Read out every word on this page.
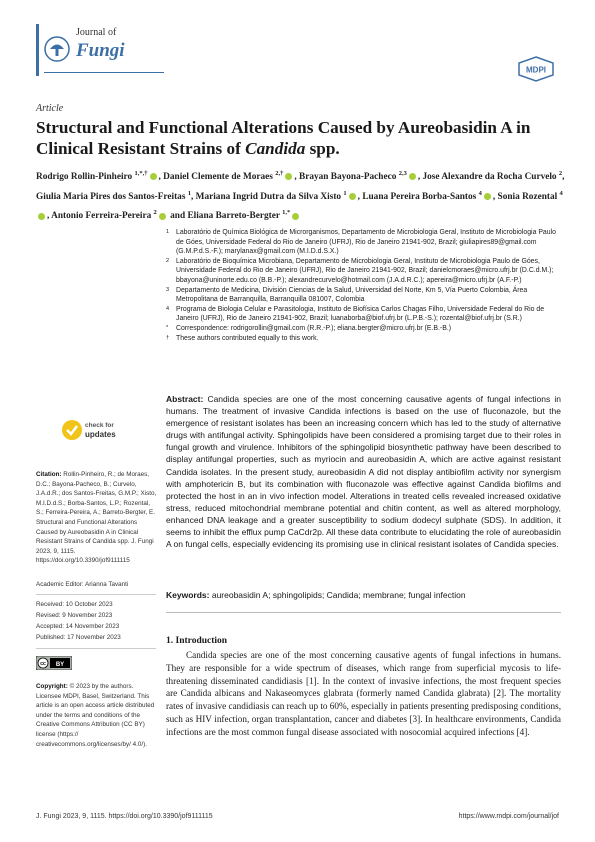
Journal of
Fungi
MDPI
Article
Structural and Functional Alterations Caused by Aureobasidin A in Clinical Resistant Strains of Candida spp.
Rodrigo Rollin-Pinheiro $^{1,*,\dagger}$ , Daniel Clemente de Moraes $^{2,\dagger}$ , Brayan Bayona-Pacheco $^{2,3}$ , Jose Alexandre da Rocha Curvelo $^2$, Giulia Maria Pires dos Santos-Freitas $^1$, Mariana Ingrid Dutra da Silva Xisto $^1$ , Luana Pereira Borba-Santos $^4$ , Sonia Rozental $^4$, Antonio Ferreira-Pereira $^2$ and Eliana Barreto-Bergter $^{1,*}$
1 Laboratório de Química Biológica de Microrganismos, Departamento de Microbiologia Geral, Instituto de Microbiologia Paulo de Góes, Universidade Federal do Rio de Janeiro (UFRJ), Rio de Janeiro 21941-902, Brazil; giuliapires89@gmail.com (G.M.P.d.S.-F.); marylanax@gmail.com (M.I.D.d.S.X.)
2 Laboratório de Bioquímica Microbiana, Departamento de Microbiologia Geral, Instituto de Microbiologia Paulo de Góes, Universidade Federal do Rio de Janeiro (UFRJ), Rio de Janeiro 21941-902, Brazil; danielcmoraes@micro.ufrj.br (D.C.d.M.); bbayona@uninorte.edu.co (B.B.-P.); alexandrecurvelo@hotmail.com (J.A.d.R.C.); apereira@micro.ufrj.br (A.F.-P.)
3 Departamento de Medicina, División Ciencias de la Salud, Universidad del Norte, Km 5, Vía Puerto Colombia, Área Metropolitana de Barranquilla, Barranquilla 081007, Colombia
4 Programa de Biologia Celular e Parasitologia, Instituto de Biofísica Carlos Chagas Filho, Universidade Federal do Rio de Janeiro (UFRJ), Rio de Janeiro 21941-902, Brazil; luanaborba@biof.ufrj.br (L.P.B.-S.); rozental@biof.ufrj.br (S.R.)
* Correspondence: rodrigorollin@gmail.com (R.R.-P.); eliana.bergter@micro.ufrj.br (E.B.-B.)
† These authors contributed equally to this work.
Abstract: Candida species are one of the most concerning causative agents of fungal infections in humans. The treatment of invasive Candida infections is based on the use of fluconazole, but the emergence of resistant isolates has been an increasing concern which has led to the study of alternative drugs with antifungal activity. Sphingolipids have been considered a promising target due to their roles in fungal growth and virulence. Inhibitors of the sphingolipid biosynthetic pathway have been described to display antifungal properties, such as myriocin and aureobasidin A, which are active against resistant Candida isolates. In the present study, aureobasidin A did not display antibiofilm activity nor synergism with amphotericin B, but its combination with fluconazole was effective against Candida biofilms and protected the host in an in vivo infection model. Alterations in treated cells revealed increased oxidative stress, reduced mitochondrial membrane potential and chitin content, as well as altered morphology, enhanced DNA leakage and a greater susceptibility to sodium dodecyl sulphate (SDS). In addition, it seems to inhibit the efflux pump CaCdr2p. All these data contribute to elucidating the role of aureobasidin A on fungal cells, especially evidencing its promising use in clinical resistant isolates of Candida species.
Keywords: aureobasidin A; sphingolipids; Candida; membrane; fungal infection
1. Introduction
Candida species are one of the most concerning causative agents of fungal infections in humans. They are responsible for a wide spectrum of diseases, which range from superficial mycosis to life-threatening disseminated candidiasis [1]. In the context of invasive infections, the most frequent species are Candida albicans and Nakaseomyces glabrata (formerly named Candida glabrata) [2]. The mortality rates of invasive candidiasis can reach up to 60%, especially in patients presenting predisposing conditions, such as HIV infection, organ transplantation, cancer and diabetes [3]. In healthcare environments, Candida infections are the most common fungal disease associated with nosocomial acquired infections [4].
check for
updates
Citation: Rollin-Pinheiro, R.; de Moraes, D.C.; Bayona-Pacheco, B.; Curvelo, J.A.d.R.; dos Santos-Freitas, G.M.P.; Xisto, M.I.D.d.S.; Borba-Santos, L.P.; Rozental, S.; Ferreira-Pereira, A.; Barreto-Bergter, E. Structural and Functional Alterations Caused by Aureobasidin A in Clinical Resistant Strains of Candida spp. J. Fungi 2023, 9, 1115. https://doi.org/10.3390/jof9111115
Academic Editor: Arianna Tavanti
Received: 10 October 2023
Revised: 9 November 2023
Accepted: 14 November 2023
Published: 17 November 2023
cc BY
Copyright: © 2023 by the authors. Licensee MDPI, Basel, Switzerland. This article is an open access article distributed under the terms and conditions of the Creative Commons Attribution (CC BY) license (https:// creativecommons.org/licenses/by/ 4.0/).
J. Fungi 2023, 9, 1115. https://doi.org/10.3390/jof9111115	https://www.mdpi.com/journal/jof
